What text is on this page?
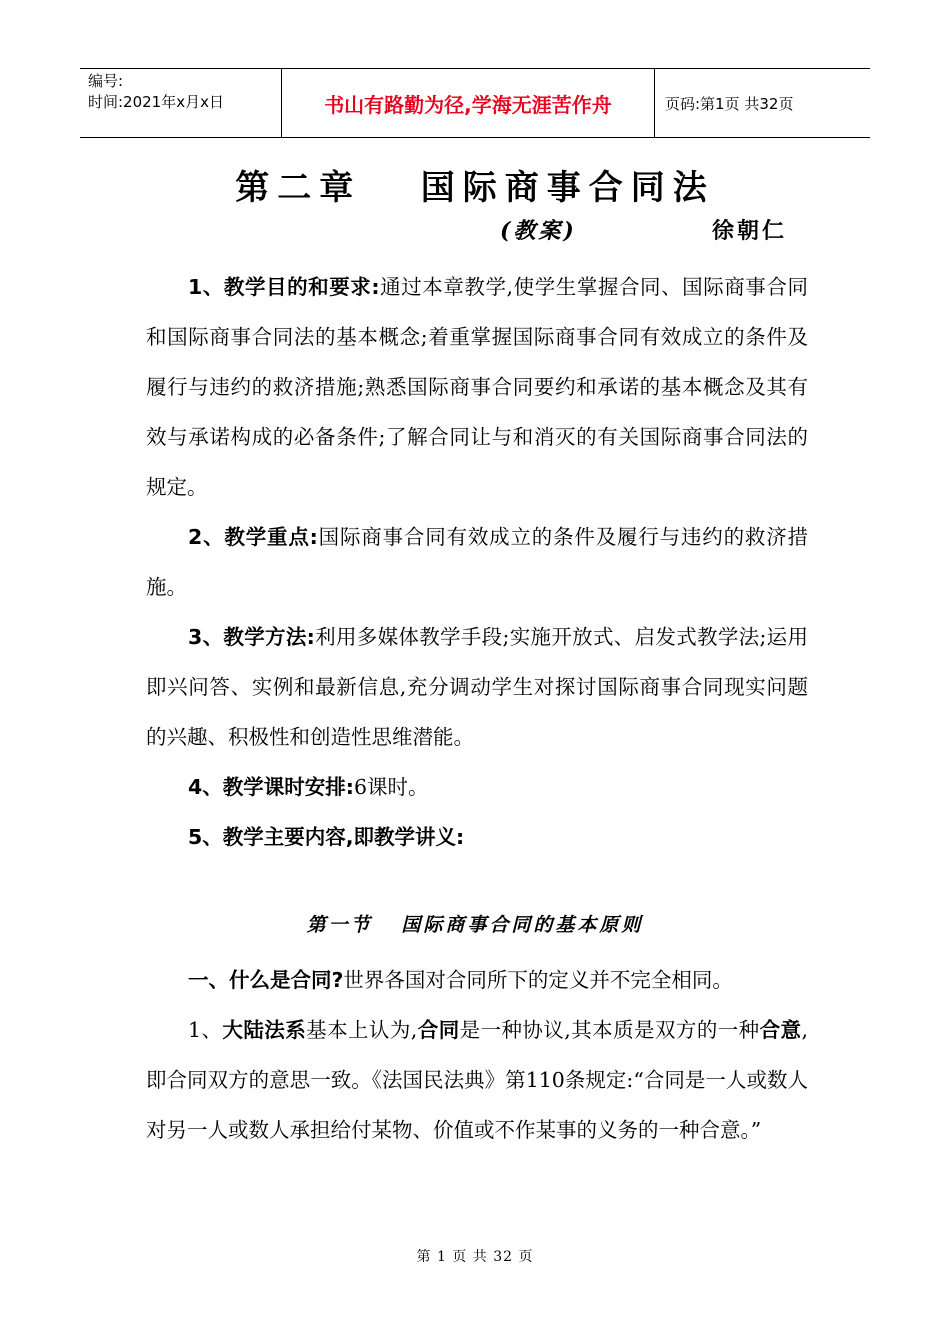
编号:
时间:2021年x月x日	书山有路勤为径,学海无涯苦作舟	页码:第1页 共32页
第二章   国际商事合同法
(教案)	徐朝仁

1、教学目的和要求:通过本章教学,使学生掌握合同、国际商事合同和国际商事合同法的基本概念;着重掌握国际商事合同有效成立的条件及履行与违约的救济措施;熟悉国际商事合同要约和承诺的基本概念及其有效与承诺构成的必备条件;了解合同让与和消灭的有关国际商事合同法的规定。

2、教学重点:国际商事合同有效成立的条件及履行与违约的救济措施。

3、教学方法:利用多媒体教学手段;实施开放式、启发式教学法;运用即兴问答、实例和最新信息,充分调动学生对探讨国际商事合同现实问题的兴趣、积极性和创造性思维潜能。

4、教学课时安排:6课时。

5、教学主要内容,即教学讲义:

第一节   国际商事合同的基本原则

一、什么是合同?世界各国对合同所下的定义并不完全相同。

1、大陆法系基本上认为,合同是一种协议,其本质是双方的一种合意,即合同双方的意思一致。《法国民法典》第110条规定:“合同是一人或数人对另一人或数人承担给付某物、价值或不作某事的义务的一种合意。”

第 1 页 共 32 页
